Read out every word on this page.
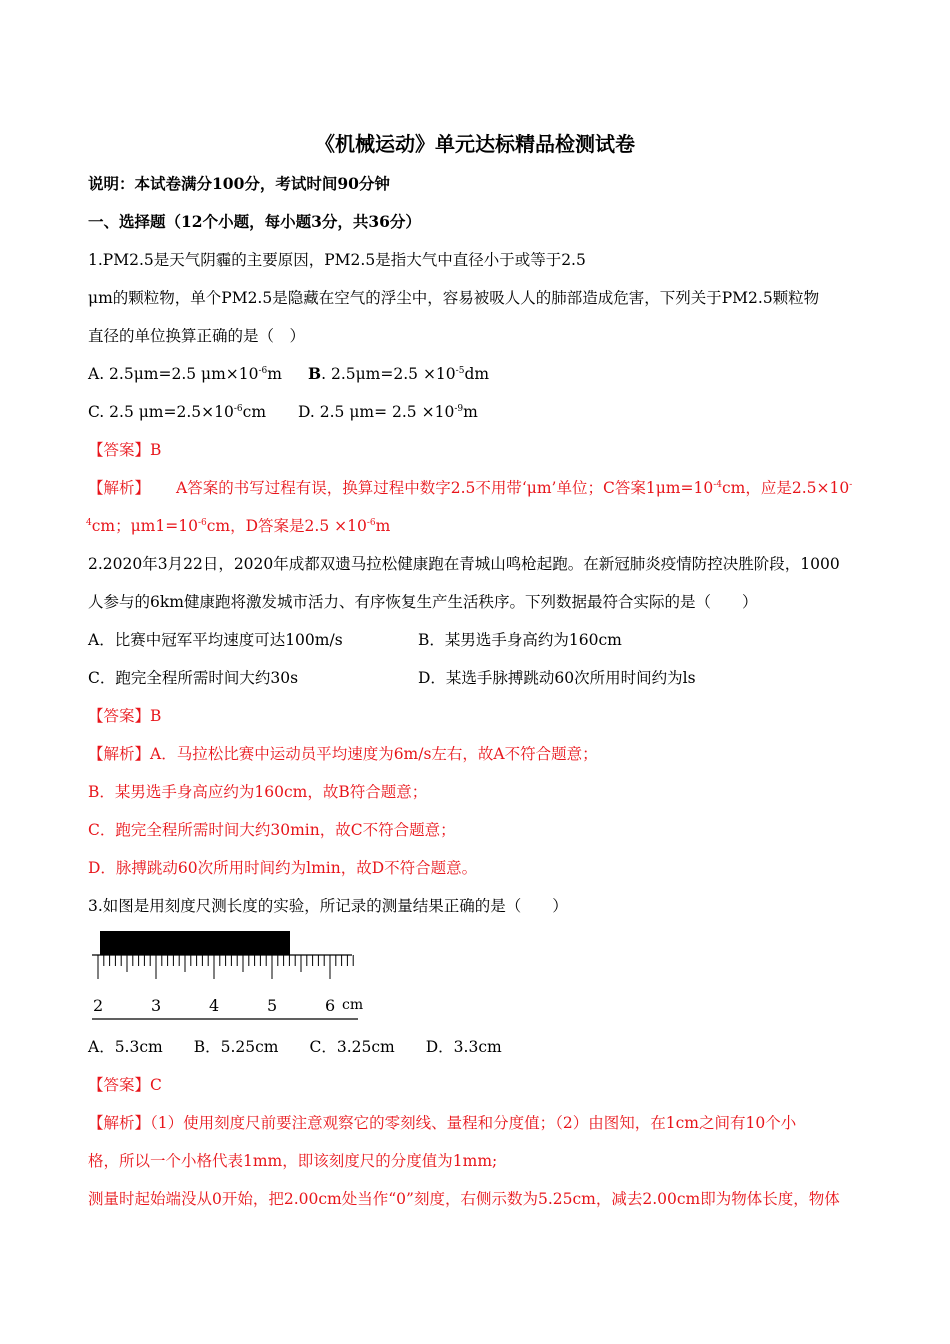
《机械运动》单元达标精品检测试卷
说明：本试卷满分100分，考试时间90分钟
一、选择题（12个小题，每小题3分，共36分）
1.PM2.5是天气阴霾的主要原因，PM2.5是指大气中直径小于或等于2.5
μm的颗粒物，单个PM2.5是隐藏在空气的浮尘中，容易被吸人人的肺部造成危害，下列关于PM2.5颗粒物
直径的单位换算正确的是（　）
A. 2.5μm=2.5 $\mu m\times 10^{-6}m$ B. $2.5\mu m=2.5 \times 10^{-5}dm$
C. 2.5 $\mu m=2.5\times 10^{-6}cm$ D. 2.5 $\mu m= 2.5 \times 10^{-9}m$
【答案】B
【解析】 A答案的书写过程有误，换算过程中数字2.5不用带‘μm’单位；C答案$1\mu m=10^{-4}cm$，应是2.5×10-
$^4$cm；$\mu m1=10^{-6}cm$，D答案是$2.5 \times 10^{-6}m$
2.2020年3月22日，2020年成都双遗马拉松健康跑在青城山鸣枪起跑。在新冠肺炎疫情防控决胜阶段，1000
人参与的6km健康跑将激发城市活力、有序恢复生产生活秩序。下列数据最符合实际的是（　　）
A．比赛中冠军平均速度可达100m/s	B．某男选手身高约为160cm
C．跑完全程所需时间大约30s	D．某选手脉搏跳动60次所用时间约为ls
【答案】B
【解析】A．马拉松比赛中运动员平均速度为6m/s左右，故A不符合题意；
B．某男选手身高应约为160cm，故B符合题意；
C．跑完全程所需时间大约30min，故C不符合题意；
D．脉搏跳动60次所用时间约为lmin，故D不符合题意。
3.如图是用刻度尺测长度的实验，所记录的测量结果正确的是（　　）
2	3	4	5	6 cm
A．5.3cm　　B．5.25cm　　C．3.25cm　　D．3.3cm
【答案】C
【解析】（1）使用刻度尺前要注意观察它的零刻线、量程和分度值；（2）由图知，在1cm之间有10个小
格，所以一个小格代表1mm，即该刻度尺的分度值为1mm;
测量时起始端没从0开始，把2.00cm处当作“0”刻度，右侧示数为5.25cm，减去2.00cm即为物体长度，物体
